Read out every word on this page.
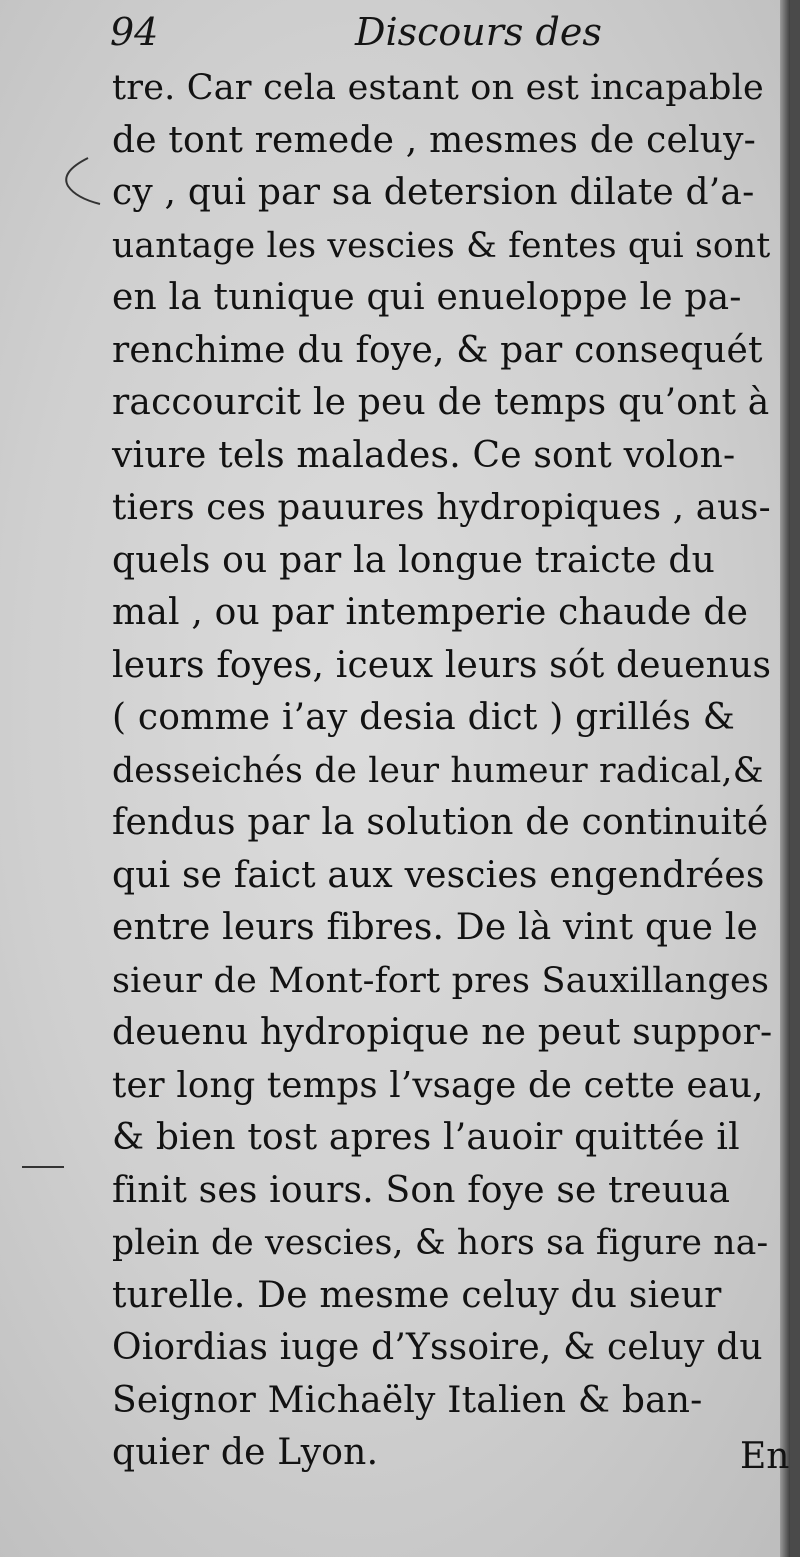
94	Discours des
tre. Car cela estant on est incapable
de tont remede , mesmes de celuy-
cy , qui par sa detersion dilate d’a-
uantage les vescies & fentes qui sont
en la tunique qui enueloppe le pa-
renchime du foye, & par consequét
raccourcit le peu de temps qu’ont à
viure tels malades. Ce sont volon-
tiers ces pauures hydropiques , aus-
quels ou par la longue traicte du
mal , ou par intemperie chaude de
leurs foyes, iceux leurs sót deuenus
( comme i’ay desia dict ) grillés &
desseichés de leur humeur radical,&
fendus par la solution de continuité
qui se faict aux vescies engendrées
entre leurs fibres. De là vint que le
sieur de Mont-fort pres Sauxillanges
deuenu hydropique ne peut suppor-
ter long temps l’vsage de cette eau,
& bien tost apres l’auoir quittée il
finit ses iours. Son foye se treuua
plein de vescies, & hors sa figure na-
turelle. De mesme celuy du sieur
Oiordias iuge d’Yssoire, & celuy du
Seignor Michaëly Italien & ban-
quier de Lyon.	En
